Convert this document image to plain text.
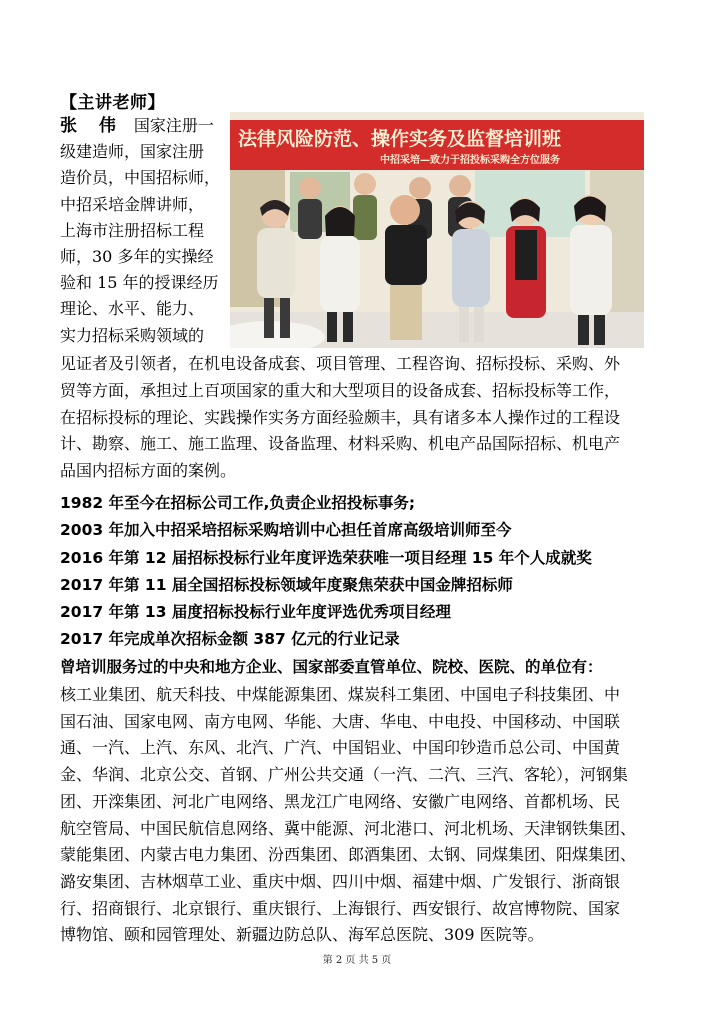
【主讲老师】
张 伟 国家注册一
级建造师，国家注册
造价员，中国招标师，
中招采培金牌讲师，
上海市注册招标工程
师，30 多年的实操经
验和 15 年的授课经历
理论、水平、能力、
实力招标采购领域的
法律风险防范、操作实务及监督培训班
中招采培—致力于招投标采购全方位服务
见证者及引领者，在机电设备成套、项目管理、工程咨询、招标投标、采购、外
贸等方面，承担过上百项国家的重大和大型项目的设备成套、招标投标等工作，
在招标投标的理论、实践操作实务方面经验颇丰，具有诸多本人操作过的工程设
计、勘察、施工、施工监理、设备监理、材料采购、机电产品国际招标、机电产
品国内招标方面的案例。
1982 年至今在招标公司工作,负责企业招投标事务;
2003 年加入中招采培招标采购培训中心担任首席高级培训师至今
2016 年第 12 届招标投标行业年度评选荣获唯一项目经理 15 年个人成就奖
2017 年第 11 届全国招标投标领域年度聚焦荣获中国金牌招标师
2017 年第 13 届度招标投标行业年度评选优秀项目经理
2017 年完成单次招标金额 387 亿元的行业记录
曾培训服务过的中央和地方企业、国家部委直管单位、院校、医院、的单位有：
核工业集团、航天科技、中煤能源集团、煤炭科工集团、中国电子科技集团、中
国石油、国家电网、南方电网、华能、大唐、华电、中电投、中国移动、中国联
通、一汽、上汽、东风、北汽、广汽、中国铝业、中国印钞造币总公司、中国黄
金、华润、北京公交、首钢、广州公共交通（一汽、二汽、三汽、客轮），河钢集
团、开滦集团、河北广电网络、黑龙江广电网络、安徽广电网络、首都机场、民
航空管局、中国民航信息网络、冀中能源、河北港口、河北机场、天津钢铁集团、
蒙能集团、内蒙古电力集团、汾西集团、郎酒集团、太钢、同煤集团、阳煤集团、
潞安集团、吉林烟草工业、重庆中烟、四川中烟、福建中烟、广发银行、浙商银
行、招商银行、北京银行、重庆银行、上海银行、西安银行、故宫博物院、国家
博物馆、颐和园管理处、新疆边防总队、海军总医院、309 医院等。
第 2 页 共 5 页
